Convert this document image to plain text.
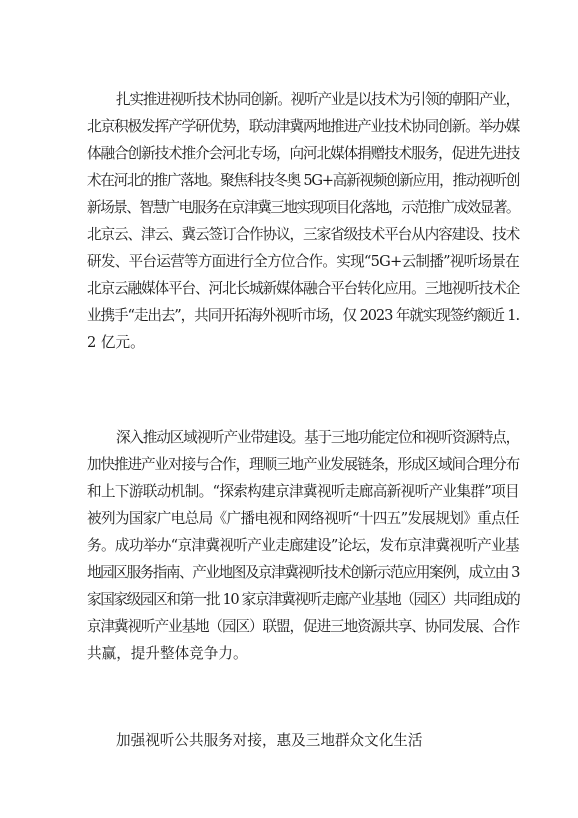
扎实推进视听技术协同创新。视听产业是以技术为引领的朝阳产业，
北京积极发挥产学研优势，联动津冀两地推进产业技术协同创新。举办媒
体融合创新技术推介会河北专场，向河北媒体捐赠技术服务，促进先进技
术在河北的推广落地。聚焦科技冬奥 5G+高新视频创新应用，推动视听创
新场景、智慧广电服务在京津冀三地实现项目化落地，示范推广成效显著。
北京云、津云、冀云签订合作协议，三家省级技术平台从内容建设、技术
研发、平台运营等方面进行全方位合作。实现“5G+云制播”视听场景在
北京云融媒体平台、河北长城新媒体融合平台转化应用。三地视听技术企
业携手“走出去”，共同开拓海外视听市场，仅 2023 年就实现签约额近 1.
2 亿元。
深入推动区域视听产业带建设。基于三地功能定位和视听资源特点，
加快推进产业对接与合作，理顺三地产业发展链条，形成区域间合理分布
和上下游联动机制。“探索构建京津冀视听走廊高新视听产业集群”项目
被列为国家广电总局《广播电视和网络视听“十四五”发展规划》重点任
务。成功举办“京津冀视听产业走廊建设”论坛，发布京津冀视听产业基
地园区服务指南、产业地图及京津冀视听技术创新示范应用案例，成立由 3
家国家级园区和第一批 10 家京津冀视听走廊产业基地（园区）共同组成的
京津冀视听产业基地（园区）联盟，促进三地资源共享、协同发展、合作
共赢，提升整体竞争力。
加强视听公共服务对接，惠及三地群众文化生活
